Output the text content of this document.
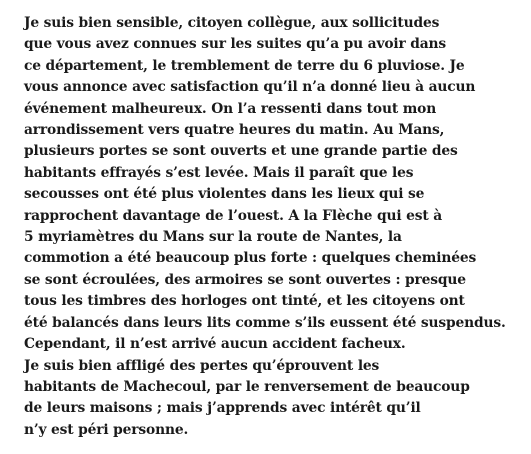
Je suis bien sensible, citoyen collègue, aux sollicitudes
que vous avez connues sur les suites qu’a pu avoir dans
ce département, le tremblement de terre du 6 pluviose. Je
vous annonce avec satisfaction qu’il n’a donné lieu à aucun
événement malheureux. On l’a ressenti dans tout mon
arrondissement vers quatre heures du matin. Au Mans,
plusieurs portes se sont ouverts et une grande partie des
habitants effrayés s’est levée. Mais il paraît que les
secousses ont été plus violentes dans les lieux qui se
rapprochent davantage de l’ouest. A la Flèche qui est à
5 myriamètres du Mans sur la route de Nantes, la
commotion a été beaucoup plus forte : quelques cheminées
se sont écroulées, des armoires se sont ouvertes : presque
tous les timbres des horloges ont tinté, et les citoyens ont
été balancés dans leurs lits comme s’ils eussent été suspendus.
Cependant, il n’est arrivé aucun accident facheux.
Je suis bien affligé des pertes qu’éprouvent les
habitants de Machecoul, par le renversement de beaucoup
de leurs maisons ; mais j’apprends avec intérêt qu’il
n’y est péri personne.
